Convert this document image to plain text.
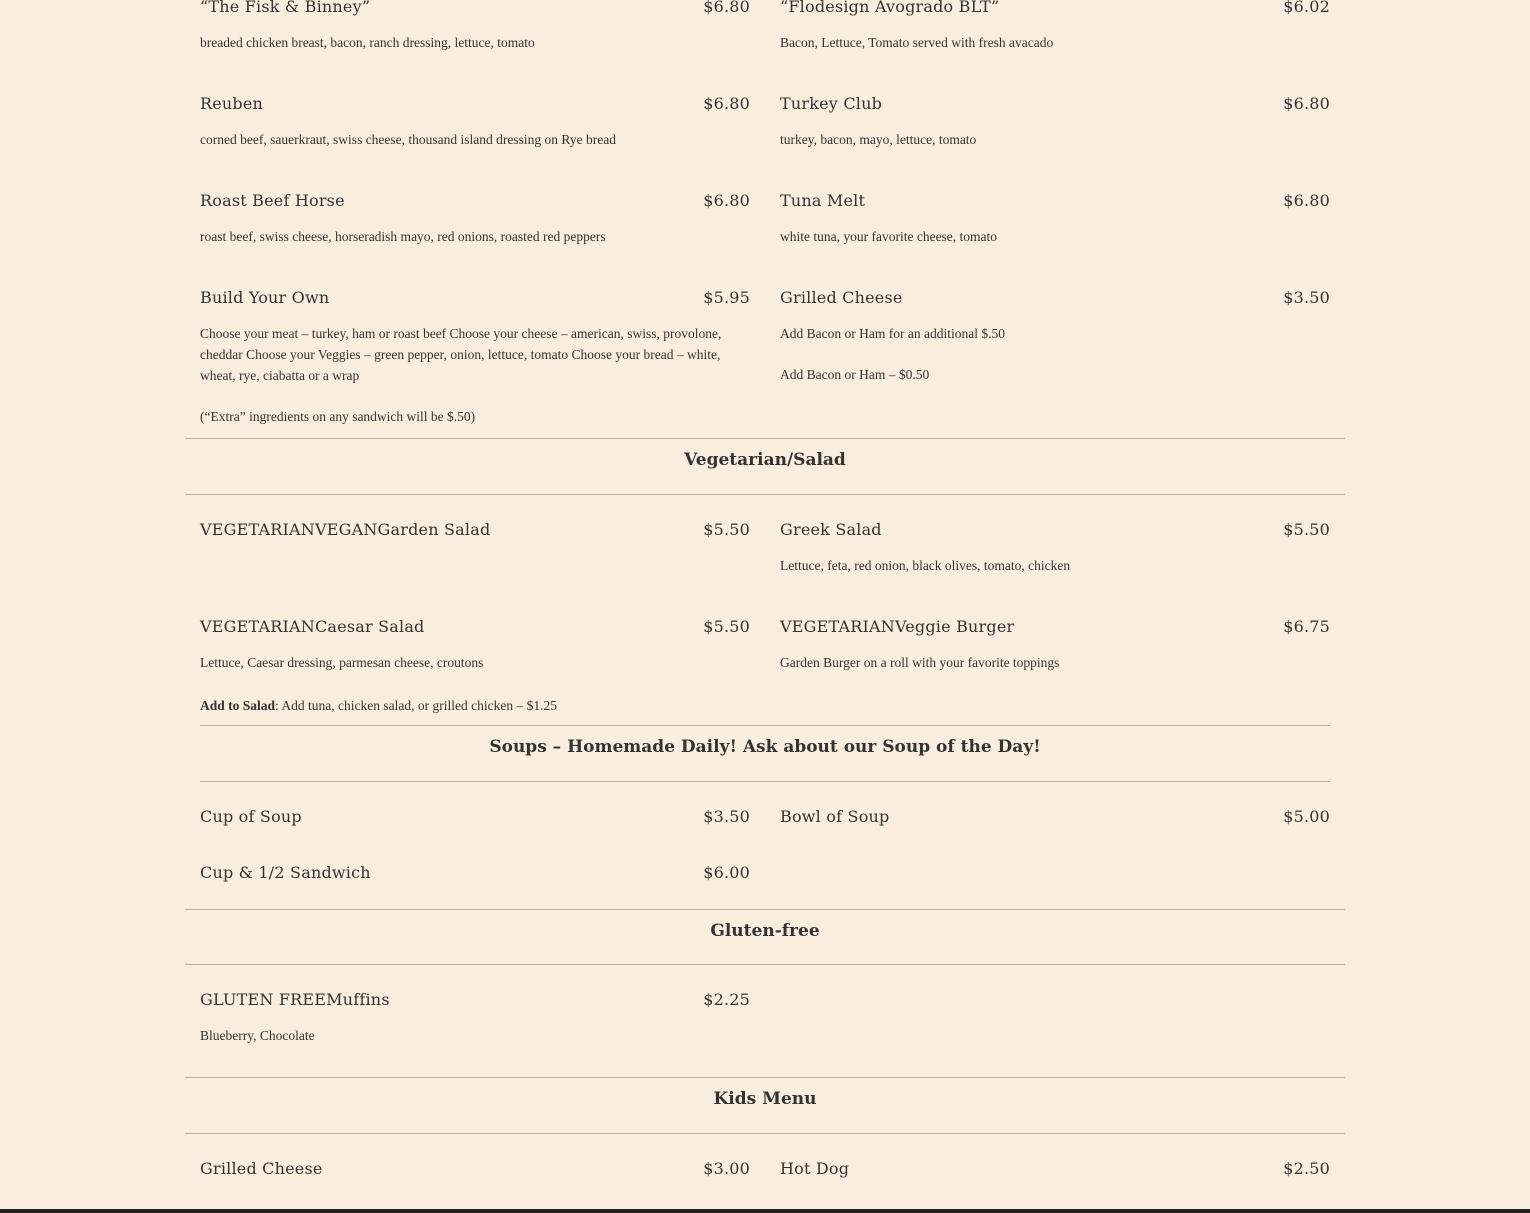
“The Fisk & Binney”	$6.80
breaded chicken breast, bacon, ranch dressing, lettuce, tomato
“Flodesign Avogrado BLT”	$6.02
Bacon, Lettuce, Tomato served with fresh avacado
Reuben	$6.80
corned beef, sauerkraut, swiss cheese, thousand island dressing on Rye bread
Turkey Club	$6.80
turkey, bacon, mayo, lettuce, tomato
Roast Beef Horse	$6.80
roast beef, swiss cheese, horseradish mayo, red onions, roasted red peppers
Tuna Melt	$6.80
white tuna, your favorite cheese, tomato
Build Your Own	$5.95
Choose your meat – turkey, ham or roast beef Choose your cheese – american, swiss, provolone, cheddar Choose your Veggies – green pepper, onion, lettuce, tomato Choose your bread – white, wheat, rye, ciabatta or a wrap
(“Extra” ingredients on any sandwich will be $.50)
Grilled Cheese	$3.50
Add Bacon or Ham for an additional $.50
Add Bacon or Ham – $0.50
Vegetarian/Salad
VEGETARIANVEGANGarden Salad	$5.50 Greek Salad	$5.50
Lettuce, feta, red onion, black olives, tomato, chicken
VEGETARIANCaesar Salad	$5.50
Lettuce, Caesar dressing, parmesan cheese, croutons
VEGETARIANVeggie Burger	$6.75
Garden Burger on a roll with your favorite toppings
Add to Salad: Add tuna, chicken salad, or grilled chicken – $1.25
Soups – Homemade Daily! Ask about our Soup of the Day!
Cup of Soup	$3.50 Bowl of Soup	$5.00
Cup & 1/2 Sandwich	$6.00
Gluten-free
GLUTEN FREEMuffins	$2.25
Blueberry, Chocolate
Kids Menu
Grilled Cheese	$3.00 Hot Dog	$2.50
